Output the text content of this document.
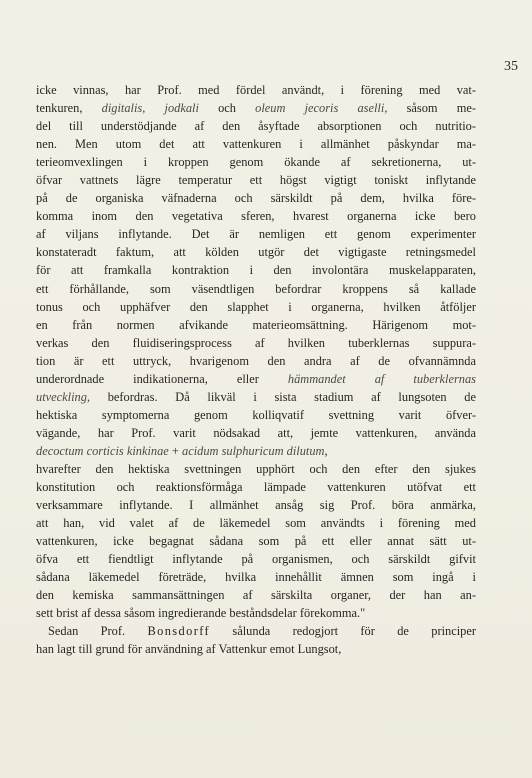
35
icke vinnas, har Prof. med fördel användt, i förening med vat-
tenkuren, digitalis, jodkali och oleum jecoris aselli, såsom me-
del till understödjande af den åsyftade absorptionen och nutritio-
nen. Men utom det att vattenkuren i allmänhet påskyndar ma-
terieomvexlingen i kroppen genom ökande af sekretionerna, ut-
öfvar vattnets lägre temperatur ett högst vigtigt toniskt inflytande
på de organiska väfnaderna och särskildt på dem, hvilka före-
komma inom den vegetativa sferen, hvarest organerna icke bero
af viljans inflytande. Det är nemligen ett genom experimenter
konstateradt faktum, att kölden utgör det vigtigaste retningsmedel
för att framkalla kontraktion i den involontära muskelapparaten,
ett förhållande, som väsendtligen befordrar kroppens så kallade
tonus och upphäfver den slapphet i organerna, hvilken åtföljer
en från normen afvikande materieomsättning. Härigenom mot-
verkas den fluidiseringsprocess af hvilken tuberklernas suppura-
tion är ett uttryck, hvarigenom den andra af de ofvannämnda
underordnade indikationerna, eller hämmandet af tuberklernas
utveckling, befordras. Då likväl i sista stadium af lungsoten de
hektiska symptomerna genom kolliqvatif svettning varit öfver-
vägande, har Prof. varit nödsakad att, jemte vattenkuren, använda
decoctum corticis kinkinae + acidum sulphuricum dilutum,
hvarefter den hektiska svettningen upphört och den efter den sjukes
konstitution och reaktionsförmåga lämpade vattenkuren utöfvat ett
verksammare inflytande. I allmänhet ansåg sig Prof. böra anmärka,
att han, vid valet af de läkemedel som användts i förening med
vattenkuren, icke begagnat sådana som på ett eller annat sätt ut-
öfva ett fiendtligt inflytande på organismen, och särskildt gifvit
sådana läkemedel företräde, hvilka innehållit ämnen som ingå i
den kemiska sammansättningen af särskilta organer, der han an-
sett brist af dessa såsom ingredierande beståndsdelar förekomma."
Sedan Prof. Bonsdorff sålunda redogjort för de principer
han lagt till grund för användning af Vattenkur emot Lungsot,
